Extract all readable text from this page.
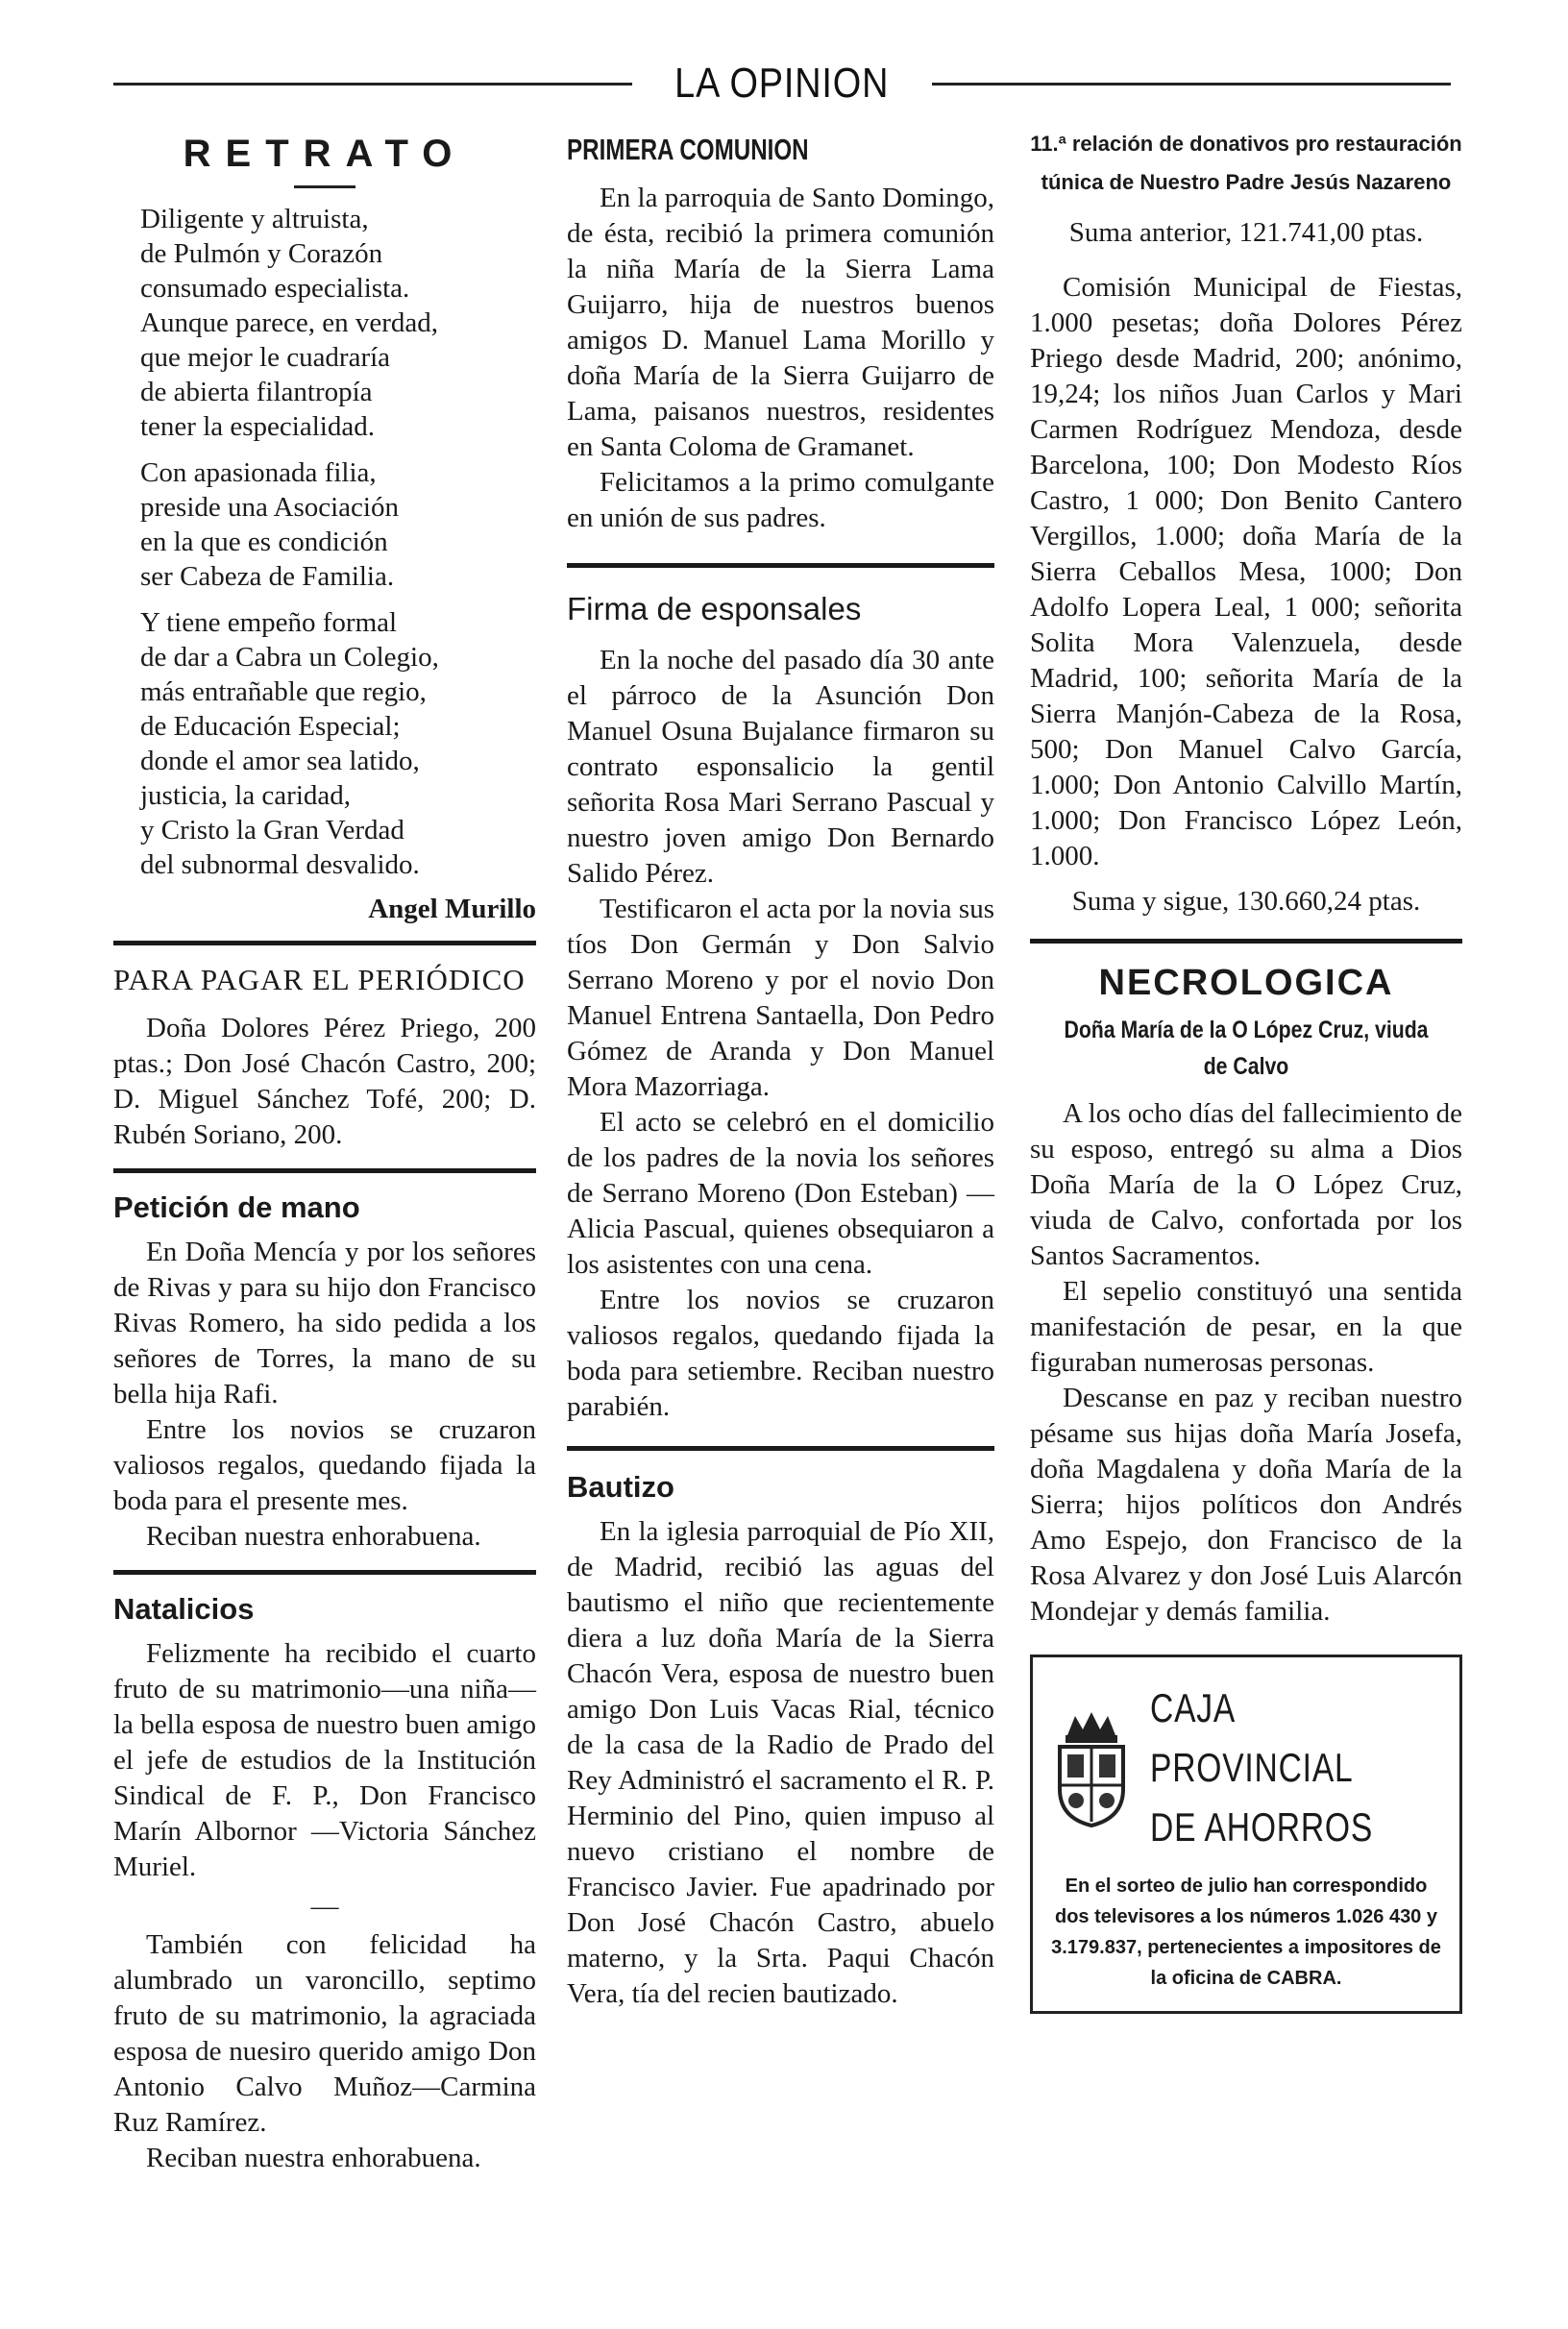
LA OPINION
RETRATO
Diligente y altruista,
de Pulmón y Corazón
consumado especialista.
Aunque parece, en verdad,
que mejor le cuadraría
de abierta filantropía
tener la especialidad.
Con apasionada filia,
preside una Asociación
en la que es condición
ser Cabeza de Familia.
Y tiene empeño formal
de dar a Cabra un Colegio,
más entrañable que regio,
de Educación Especial;
donde el amor sea latido,
justicia, la caridad,
y Cristo la Gran Verdad
del subnormal desvalido.
Angel Murillo
PARA PAGAR EL PERIÓDICO

Doña Dolores Pérez Priego, 200 ptas.; Don José Chacón Castro, 200; D. Miguel Sánchez Tofé, 200; D. Rubén Soriano, 200.

Petición de mano

En Doña Mencía y por los señores de Rivas y para su hijo don Francisco Rivas Romero, ha sido pedida a los señores de Torres, la mano de su bella hija Rafi.

Entre los novios se cruzaron valiosos regalos, quedando fijada la boda para el presente mes.

Reciban nuestra enhorabuena.

Natalicios

Felizmente ha recibido el cuarto fruto de su matrimonio—una niña—la bella esposa de nuestro buen amigo el jefe de estudios de la Institución Sindical de F. P., Don Francisco Marín Albornor —Victoria Sánchez Muriel.

—

También con felicidad ha alumbrado un varoncillo, septimo fruto de su matrimonio, la agraciada esposa de nuesiro querido amigo Don Antonio Calvo Muñoz—Carmina Ruz Ramírez.

Reciban nuestra enhorabuena.

PRIMERA COMUNION

En la parroquia de Santo Domingo, de ésta, recibió la primera comunión la niña María de la Sierra Lama Guijarro, hija de nuestros buenos amigos D. Manuel Lama Morillo y doña María de la Sierra Guijarro de Lama, paisanos nuestros, residentes en Santa Coloma de Gramanet.

Felicitamos a la primo comulgante en unión de sus padres.

Firma de esponsales

En la noche del pasado día 30 ante el párroco de la Asunción Don Manuel Osuna Bujalance firmaron su contrato esponsalicio la gentil señorita Rosa Mari Serrano Pascual y nuestro joven amigo Don Bernardo Salido Pérez.

Testificaron el acta por la novia sus tíos Don Germán y Don Salvio Serrano Moreno y por el novio Don Manuel Entrena Santaella, Don Pedro Gómez de Aranda y Don Manuel Mora Mazorriaga.

El acto se celebró en el domicilio de los padres de la novia los señores de Serrano Moreno (Don Esteban) —Alicia Pascual, quienes obsequiaron a los asistentes con una cena.

Entre los novios se cruzaron valiosos regalos, quedando fijada la boda para setiembre. Reciban nuestro parabién.

Bautizo

En la iglesia parroquial de Pío XII, de Madrid, recibió las aguas del bautismo el niño que recientemente diera a luz doña María de la Sierra Chacón Vera, esposa de nuestro buen amigo Don Luis Vacas Rial, técnico de la casa de la Radio de Prado del Rey Administró el sacramento el R. P. Herminio del Pino, quien impuso al nuevo cristiano el nombre de Francisco Javier. Fue apadrinado por Don José Chacón Castro, abuelo materno, y la Srta. Paqui Chacón Vera, tía del recien bautizado.

11.ª relación de donativos pro restauración túnica de Nuestro Padre Jesús Nazareno

Suma anterior, 121.741,00 ptas.

Comisión Municipal de Fiestas, 1.000 pesetas; doña Dolores Pérez Priego desde Madrid, 200; anónimo, 19,24; los niños Juan Carlos y Mari Carmen Rodríguez Mendoza, desde Barcelona, 100; Don Modesto Ríos Castro, 1 000; Don Benito Cantero Vergillos, 1.000; doña María de la Sierra Ceballos Mesa, 1000; Don Adolfo Lopera Leal, 1 000; señorita Solita Mora Valenzuela, desde Madrid, 100; señorita María de la Sierra Manjón-Cabeza de la Rosa, 500; Don Manuel Calvo García, 1.000; Don Antonio Calvillo Martín, 1.000; Don Francisco López León, 1.000.

Suma y sigue, 130.660,24 ptas.

NECROLOGICA
Doña María de la O López Cruz, viuda de Calvo

A los ocho días del fallecimiento de su esposo, entregó su alma a Dios Doña María de la O López Cruz, viuda de Calvo, confortada por los Santos Sacramentos.

El sepelio constituyó una sentida manifestación de pesar, en la que figuraban numerosas personas.

Descanse en paz y reciban nuestro pésame sus hijas doña María Josefa, doña Magdalena y doña María de la Sierra; hijos políticos don Andrés Amo Espejo, don Francisco de la Rosa Alvarez y don José Luis Alarcón Mondejar y demás familia.

CAJA PROVINCIAL
DE AHORROS
En el sorteo de julio han correspondido dos televisores a los números 1.026 430 y 3.179.837, pertenecientes a impositores de la oficina de CABRA.
